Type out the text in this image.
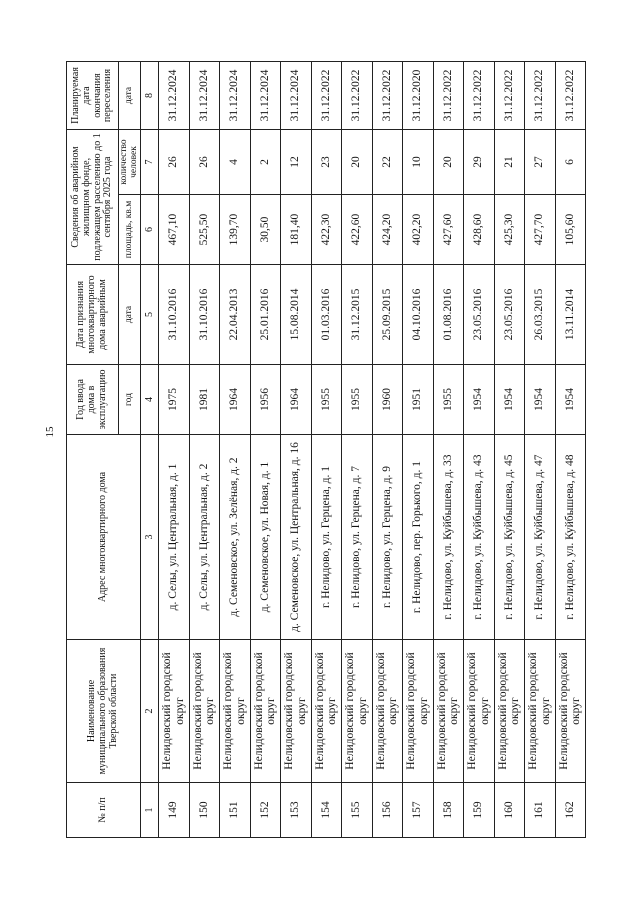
15
№ п/п	Наименование муниципального образования Тверской области	Адрес многоквартирного дома	Год ввода дома в эксплуатацию	Дата признания многоквартирного дома аварийным	Сведения об аварийном жилищном фонде, подлежащем расселению до 1 сентября 2025 года		Планируемая дата окончания переселения
			год	дата	площадь, кв.м	количество человек	дата
1	2	3	4	5	6	7	8
149	Нелидовский городской округ	д. Селы, ул. Центральная, д. 1	1975	31.10.2016	467,10	26	31.12.2024
150	Нелидовский городской округ	д. Селы, ул. Центральная, д. 2	1981	31.10.2016	525,50	26	31.12.2024
151	Нелидовский городской округ	д. Семеновское, ул. Зелёная, д. 2	1964	22.04.2013	139,70	4	31.12.2024
152	Нелидовский городской округ	д. Семеновское, ул. Новая, д. 1	1956	25.01.2016	30,50	2	31.12.2024
153	Нелидовский городской округ	д. Семеновское, ул. Центральная, д. 16	1964	15.08.2014	181,40	12	31.12.2024
154	Нелидовский городской округ	г. Нелидово, ул. Герцена, д. 1	1955	01.03.2016	422,30	23	31.12.2022
155	Нелидовский городской округ	г. Нелидово, ул. Герцена, д. 7	1955	31.12.2015	422,60	20	31.12.2022
156	Нелидовский городской округ	г. Нелидово, ул. Герцена, д. 9	1960	25.09.2015	424,20	22	31.12.2022
157	Нелидовский городской округ	г. Нелидово, пер. Горького, д. 1	1951	04.10.2016	402,20	10	31.12.2020
158	Нелидовский городской округ	г. Нелидово, ул. Куйбышева, д. 33	1955	01.08.2016	427,60	20	31.12.2022
159	Нелидовский городской округ	г. Нелидово, ул. Куйбышева, д. 43	1954	23.05.2016	428,60	29	31.12.2022
160	Нелидовский городской округ	г. Нелидово, ул. Куйбышева, д. 45	1954	23.05.2016	425,30	21	31.12.2022
161	Нелидовский городской округ	г. Нелидово, ул. Куйбышева, д. 47	1954	26.03.2015	427,70	27	31.12.2022
162	Нелидовский городской округ	г. Нелидово, ул. Куйбышева, д. 48	1954	13.11.2014	105,60	6	31.12.2022
